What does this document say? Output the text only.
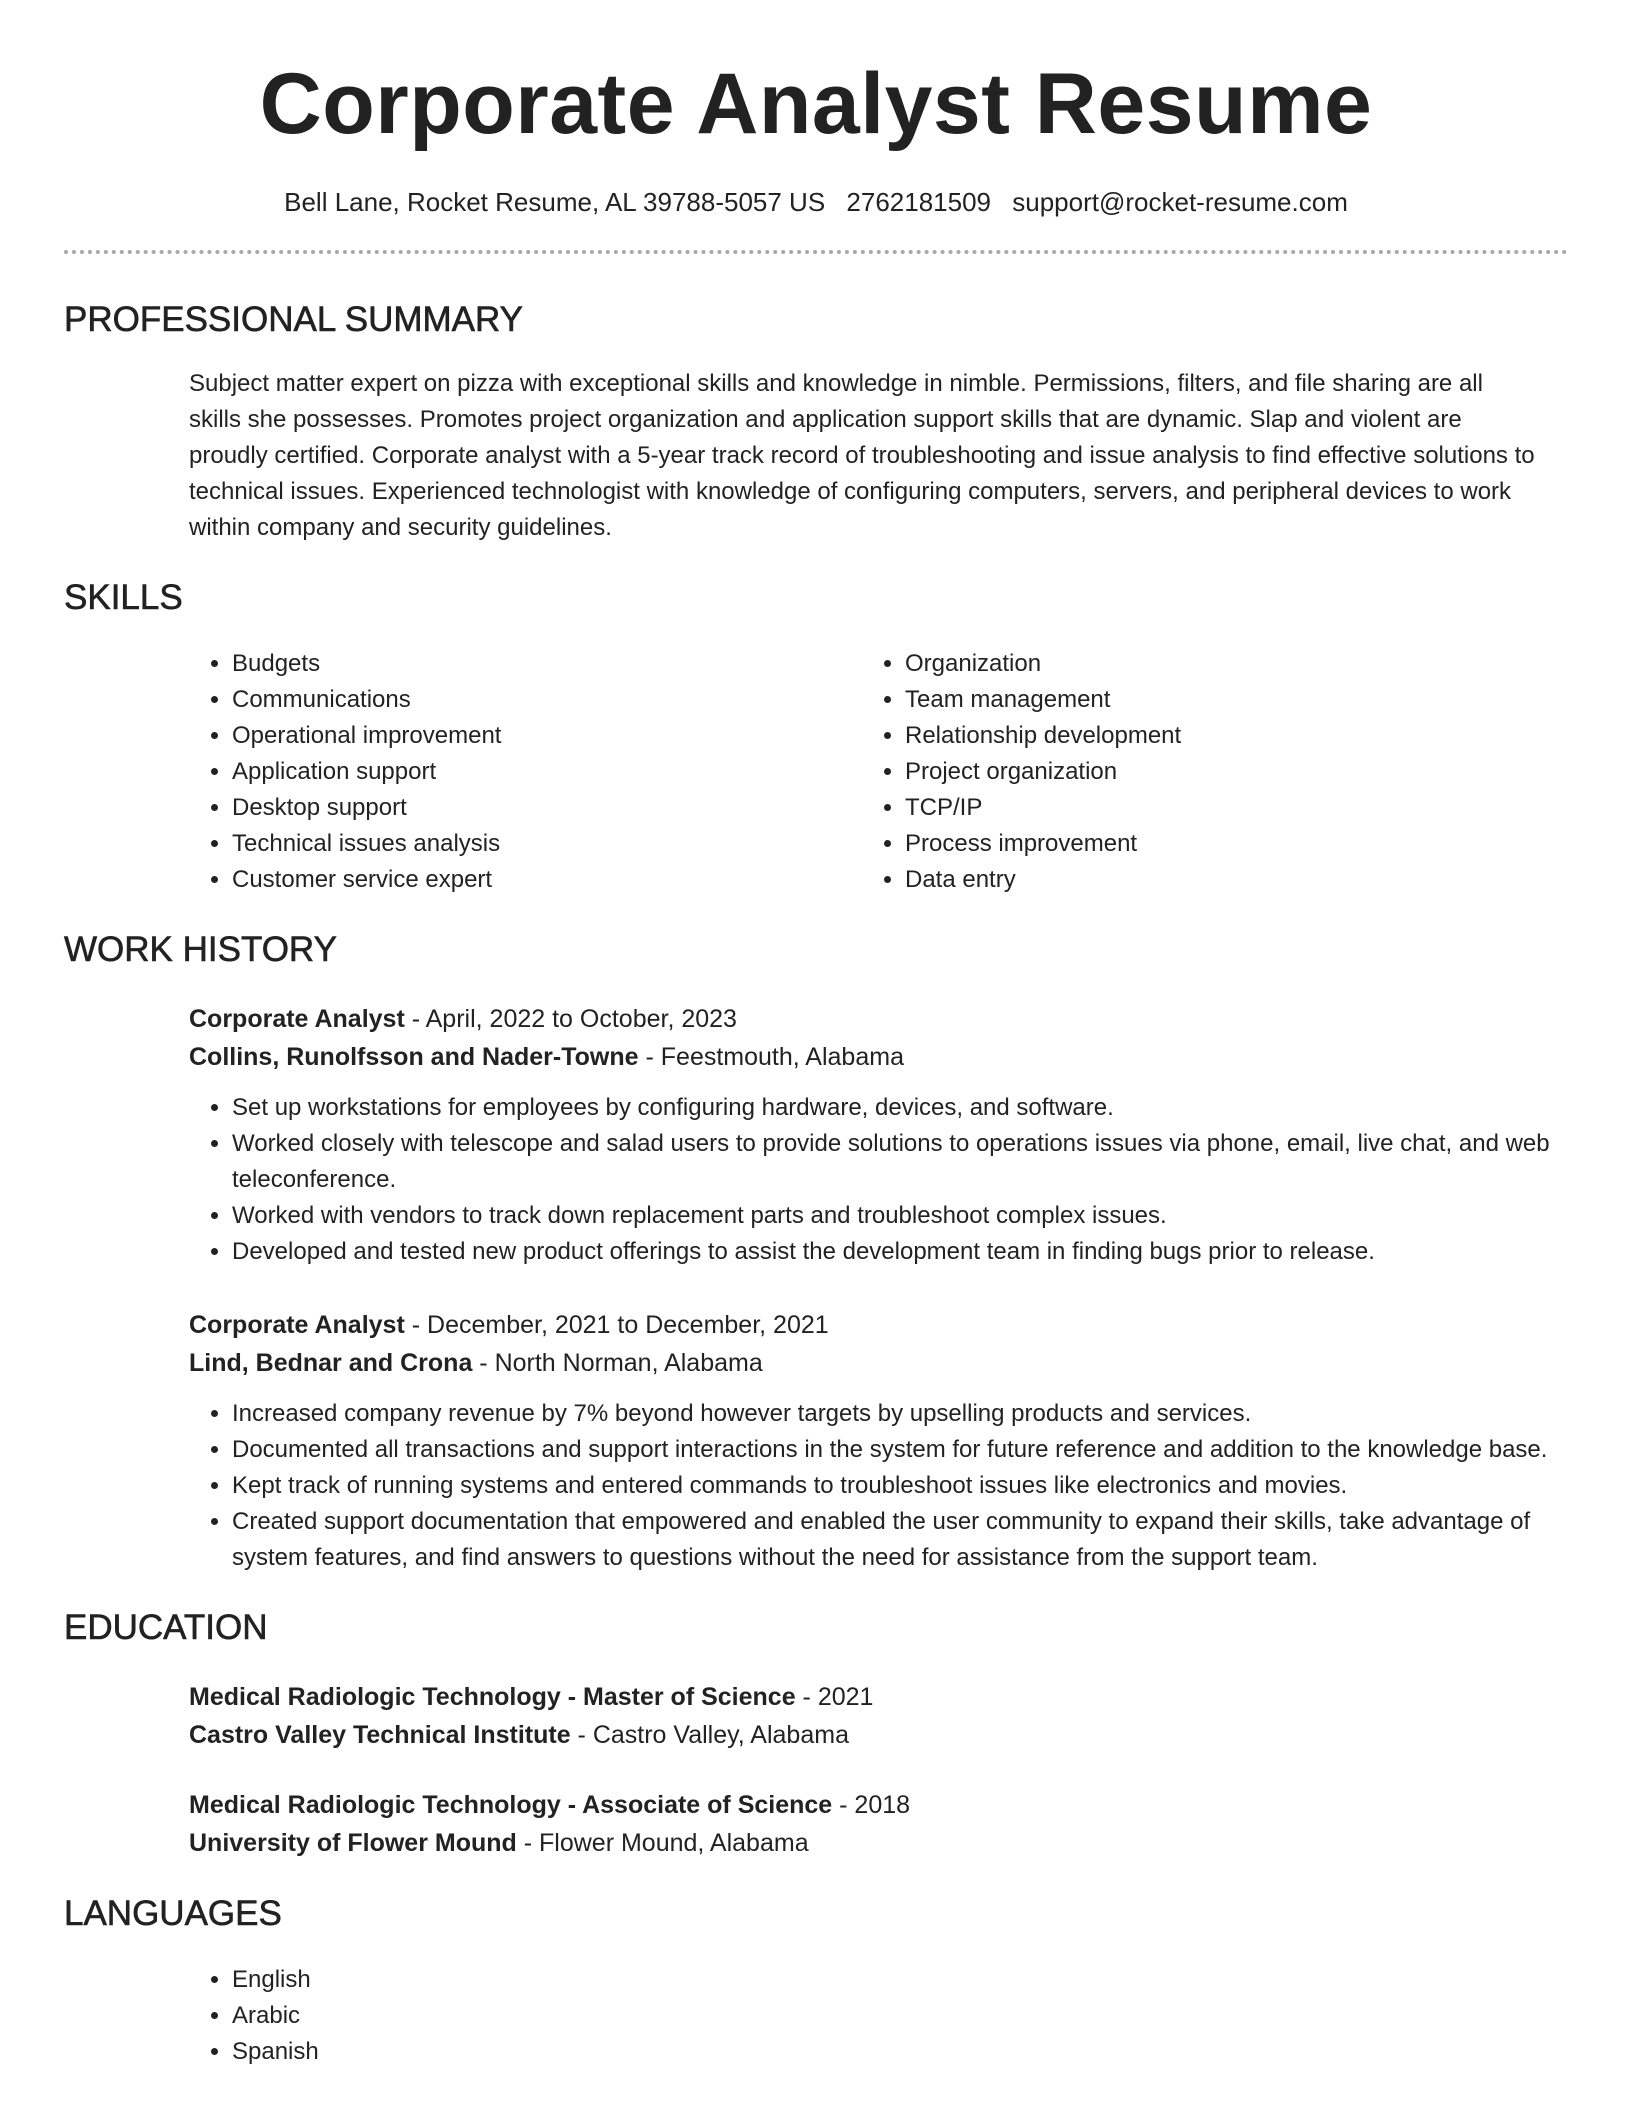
Corporate Analyst Resume
Bell Lane, Rocket Resume, AL 39788-5057 US 2762181509 support@rocket-resume.com
PROFESSIONAL SUMMARY
Subject matter expert on pizza with exceptional skills and knowledge in nimble. Permissions, filters, and file sharing are all skills she possesses. Promotes project organization and application support skills that are dynamic. Slap and violent are proudly certified. Corporate analyst with a 5-year track record of troubleshooting and issue analysis to find effective solutions to technical issues. Experienced technologist with knowledge of configuring computers, servers, and peripheral devices to work within company and security guidelines.
SKILLS
• Budgets
• Communications
• Operational improvement
• Application support
• Desktop support
• Technical issues analysis
• Customer service expert
• Organization
• Team management
• Relationship development
• Project organization
• TCP/IP
• Process improvement
• Data entry
WORK HISTORY
Corporate Analyst - April, 2022 to October, 2023
Collins, Runolfsson and Nader-Towne - Feestmouth, Alabama
• Set up workstations for employees by configuring hardware, devices, and software.
• Worked closely with telescope and salad users to provide solutions to operations issues via phone, email, live chat, and web teleconference.
• Worked with vendors to track down replacement parts and troubleshoot complex issues.
• Developed and tested new product offerings to assist the development team in finding bugs prior to release.
Corporate Analyst - December, 2021 to December, 2021
Lind, Bednar and Crona - North Norman, Alabama
• Increased company revenue by 7% beyond however targets by upselling products and services.
• Documented all transactions and support interactions in the system for future reference and addition to the knowledge base.
• Kept track of running systems and entered commands to troubleshoot issues like electronics and movies.
• Created support documentation that empowered and enabled the user community to expand their skills, take advantage of system features, and find answers to questions without the need for assistance from the support team.
EDUCATION
Medical Radiologic Technology - Master of Science - 2021
Castro Valley Technical Institute - Castro Valley, Alabama
Medical Radiologic Technology - Associate of Science - 2018
University of Flower Mound - Flower Mound, Alabama
LANGUAGES
• English
• Arabic
• Spanish
